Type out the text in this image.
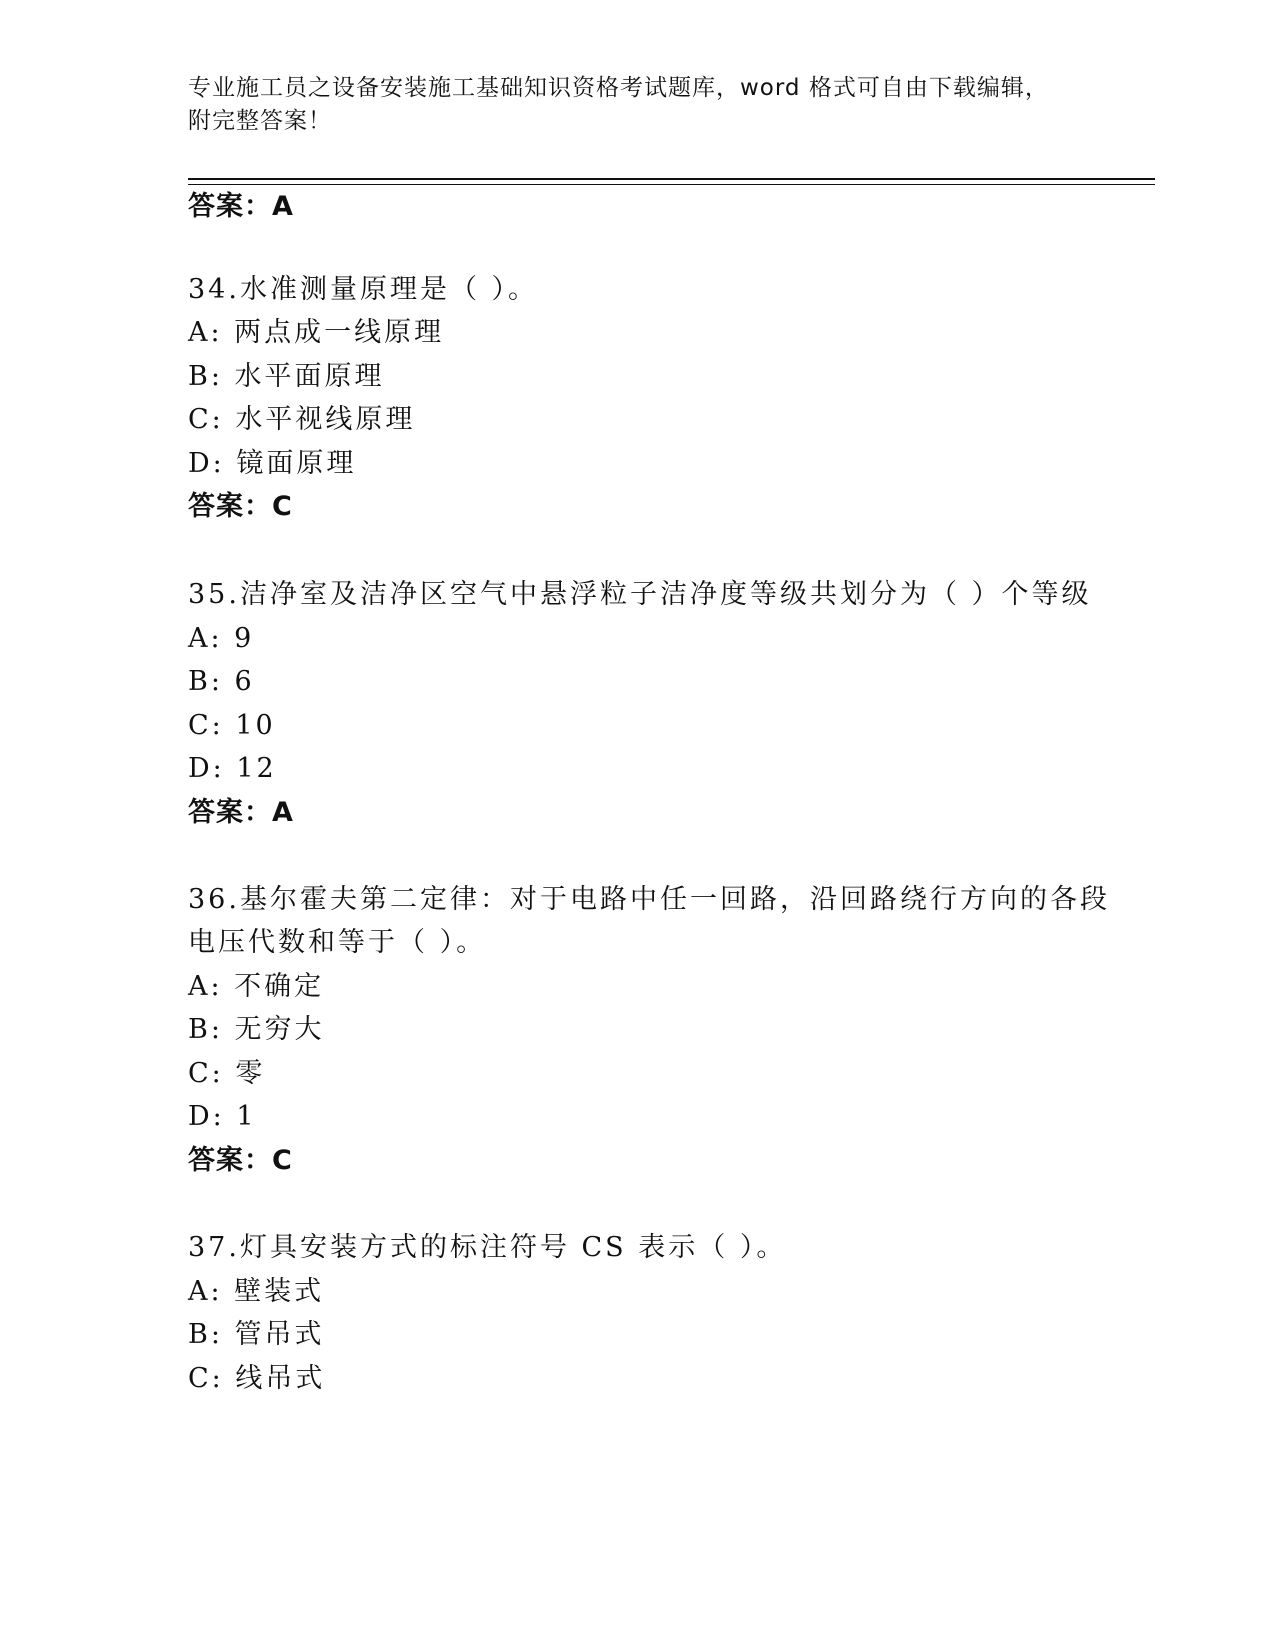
专业施工员之设备安装施工基础知识资格考试题库，word 格式可自由下载编辑，
附完整答案！
答案：A
34.水准测量原理是（ ）。
A: 两点成一线原理
B: 水平面原理
C: 水平视线原理
D: 镜面原理
答案：C
35.洁净室及洁净区空气中悬浮粒子洁净度等级共划分为（ ）个等级
A: 9
B: 6
C: 10
D: 12
答案：A
36.基尔霍夫第二定律：对于电路中任一回路，沿回路绕行方向的各段
电压代数和等于（ ）。
A: 不确定
B: 无穷大
C: 零
D: 1
答案：C
37.灯具安装方式的标注符号 CS 表示（ ）。
A: 壁装式
B: 管吊式
C: 线吊式
